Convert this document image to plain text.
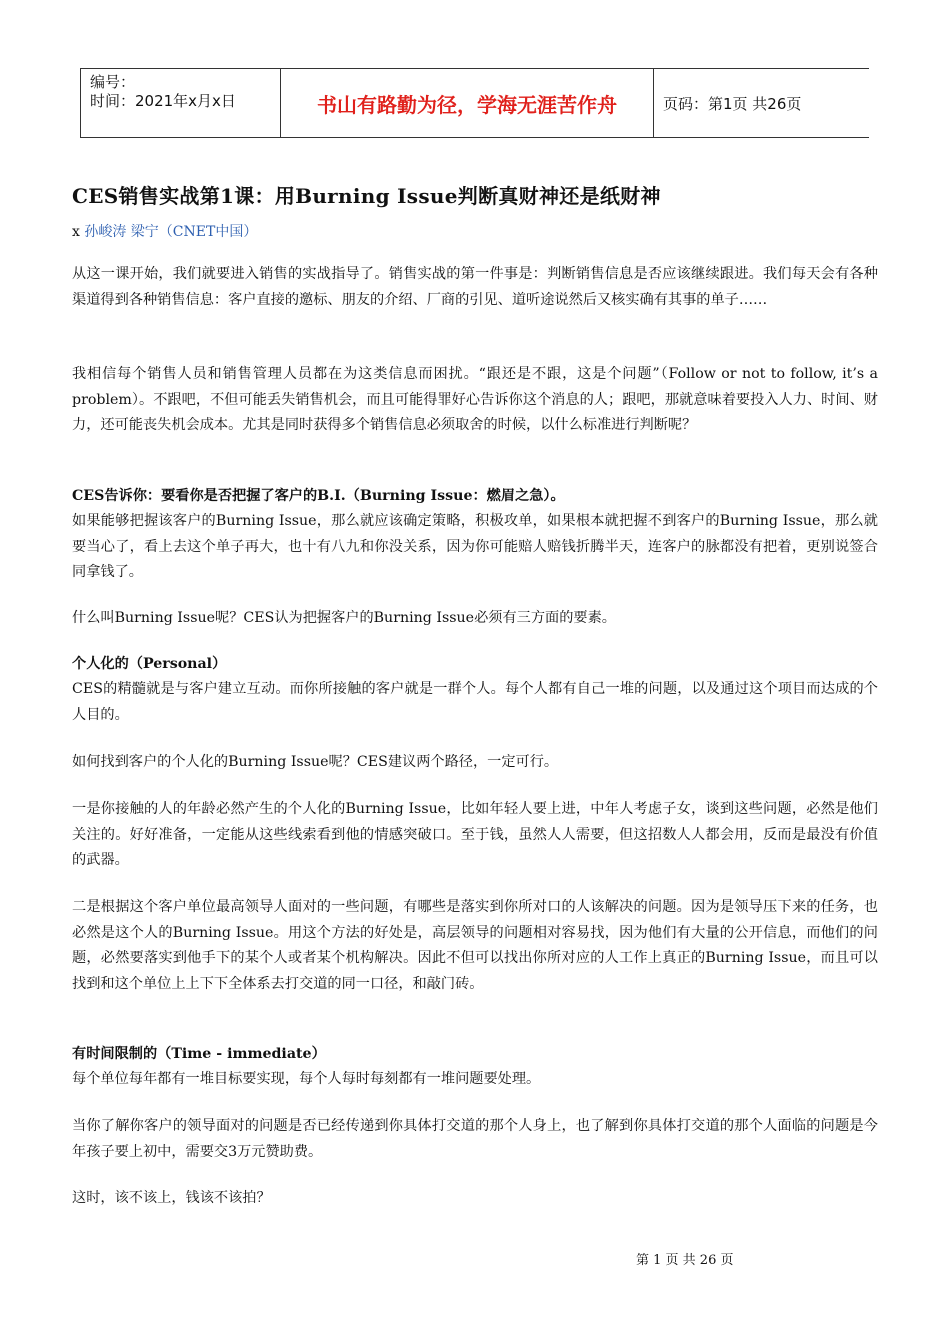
编号：
时间：2021年x月x日	书山有路勤为径，学海无涯苦作舟	页码：第1页 共26页
CES销售实战第1课：用Burning Issue判断真财神还是纸财神
x 孙峻涛 梁宁（CNET中国）
从这一课开始，我们就要进入销售的实战指导了。销售实战的第一件事是：判断销售信息是否应该继续跟进。我们每天会有各种渠道得到各种销售信息：客户直接的邀标、朋友的介绍、厂商的引见、道听途说然后又核实确有其事的单子……
我相信每个销售人员和销售管理人员都在为这类信息而困扰。“跟还是不跟，这是个问题”（Follow or not to follow, it’s a problem）。不跟吧，不但可能丢失销售机会，而且可能得罪好心告诉你这个消息的人；跟吧，那就意味着要投入人力、时间、财力，还可能丧失机会成本。尤其是同时获得多个销售信息必须取舍的时候，以什么标准进行判断呢？
CES告诉你：要看你是否把握了客户的B.I.（Burning Issue：燃眉之急）。
如果能够把握该客户的Burning Issue，那么就应该确定策略，积极攻单，如果根本就把握不到客户的Burning Issue，那么就要当心了，看上去这个单子再大，也十有八九和你没关系，因为你可能赔人赔钱折腾半天，连客户的脉都没有把着，更别说签合同拿钱了。
什么叫Burning Issue呢？CES认为把握客户的Burning Issue必须有三方面的要素。
个人化的（Personal）
CES的精髓就是与客户建立互动。而你所接触的客户就是一群个人。每个人都有自己一堆的问题，以及通过这个项目而达成的个人目的。
如何找到客户的个人化的Burning Issue呢？CES建议两个路径，一定可行。
一是你接触的人的年龄必然产生的个人化的Burning Issue，比如年轻人要上进，中年人考虑子女，谈到这些问题，必然是他们关注的。好好准备，一定能从这些线索看到他的情感突破口。至于钱，虽然人人需要，但这招数人人都会用，反而是最没有价值的武器。
二是根据这个客户单位最高领导人面对的一些问题，有哪些是落实到你所对口的人该解决的问题。因为是领导压下来的任务，也必然是这个人的Burning Issue。用这个方法的好处是，高层领导的问题相对容易找，因为他们有大量的公开信息，而他们的问题，必然要落实到他手下的某个人或者某个机构解决。因此不但可以找出你所对应的人工作上真正的Burning Issue，而且可以找到和这个单位上上下下全体系去打交道的同一口径，和敲门砖。
有时间限制的（Time - immediate）
每个单位每年都有一堆目标要实现，每个人每时每刻都有一堆问题要处理。
当你了解你客户的领导面对的问题是否已经传递到你具体打交道的那个人身上，也了解到你具体打交道的那个人面临的问题是今年孩子要上初中，需要交3万元赞助费。
这时，该不该上，钱该不该拍？
第 1 页 共 26 页
